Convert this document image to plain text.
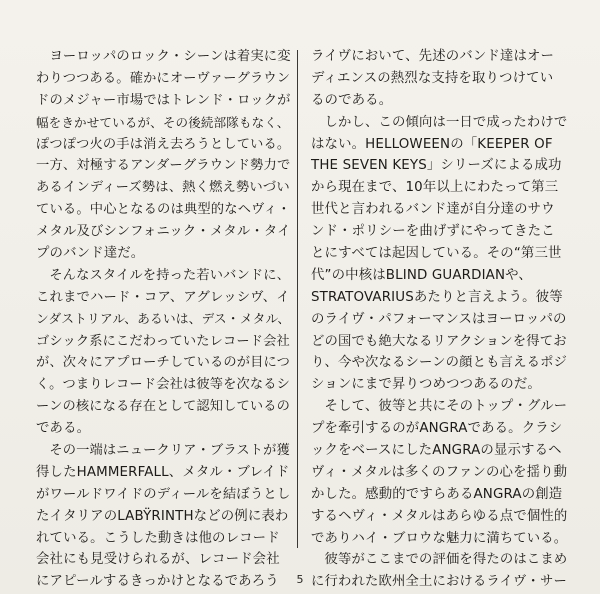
　ヨーロッパのロック・シーンは着実に変
わりつつある。確かにオーヴァーグラウン
ドのメジャー市場ではトレンド・ロックが
幅をきかせているが、その後続部隊もなく、
ぽつぽつ火の手は消え去ろうとしている。
一方、対極するアンダーグラウンド勢力で
あるインディーズ勢は、熱く燃え勢いづい
ている。中心となるのは典型的なヘヴィ・
メタル及びシンフォニック・メタル・タイ
プのバンド達だ。
　そんなスタイルを持った若いバンドに、
これまでハード・コア、アグレッシヴ、イ
ンダストリアル、あるいは、デス・メタル、
ゴシック系にこだわっていたレコード会社
が、次々にアプローチしているのが目につ
く。つまりレコード会社は彼等を次なるシ
ーンの核になる存在として認知しているの
である。
　その一端はニュークリア・ブラストが獲
得したHAMMERFALL、メタル・ブレイド
がワールドワイドのディールを結ぼうとし
たイタリアのLABŸRINTHなどの例に表わ
れている。こうした動きは他のレコード
会社にも見受けられるが、レコード会社
にアピールするきっかけとなるであろう
ライヴにおいて、先述のバンド達はオー
ディエンスの熱烈な支持を取りつけてい
るのである。
　しかし、この傾向は一日で成ったわけで
はない。HELLOWEENの「KEEPER OF
THE SEVEN KEYS」シリーズによる成功
から現在まで、10年以上にわたって第三
世代と言われるバンド達が自分達のサウ
ンド・ポリシーを曲げずにやってきたこ
とにすべては起因している。その“第三世
代”の中核はBLIND GUARDIANや、
STRATOVARIUSあたりと言えよう。彼等
のライヴ・パフォーマンスはヨーロッパの
どの国でも絶大なるリアクションを得てお
り、今や次なるシーンの顔とも言えるポジ
ションにまで昇りつめつつあるのだ。
　そして、彼等と共にそのトップ・グルー
プを牽引するのがANGRAである。クラシ
ックをベースにしたANGRAの显示するヘ
ヴィ・メタルは多くのファンの心を揺り動
かした。感動的ですらあるANGRAの創造
するヘヴィ・メタルはあらゆる点で個性的
でありハイ・ブロウな魅力に満ちている。
　彼等がここまでの評価を得たのはこまめ
に行われた欧州全土におけるライヴ・サー
5
